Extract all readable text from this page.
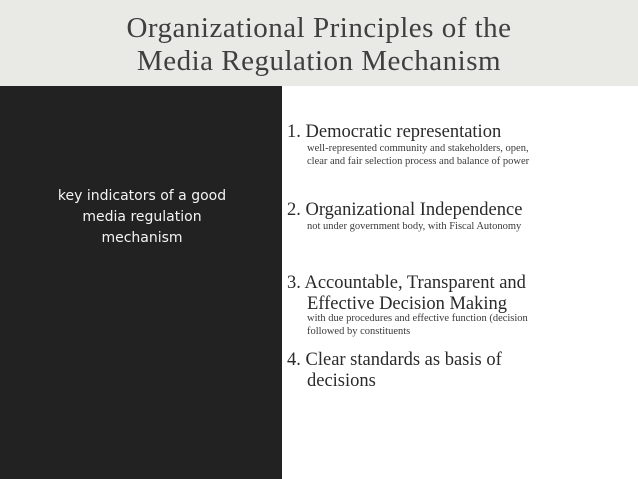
Organizational Principles of the
Media Regulation Mechanism
key indicators of a good
media regulation
mechanism
1. Democratic representation
well-represented community and stakeholders, open,
clear and fair selection process and balance of power
2. Organizational Independence
not under government body, with Fiscal Autonomy
3. Accountable, Transparent and
Effective Decision Making
with due procedures and effective function (decision
followed by constituents
4. Clear standards as basis of
decisions
